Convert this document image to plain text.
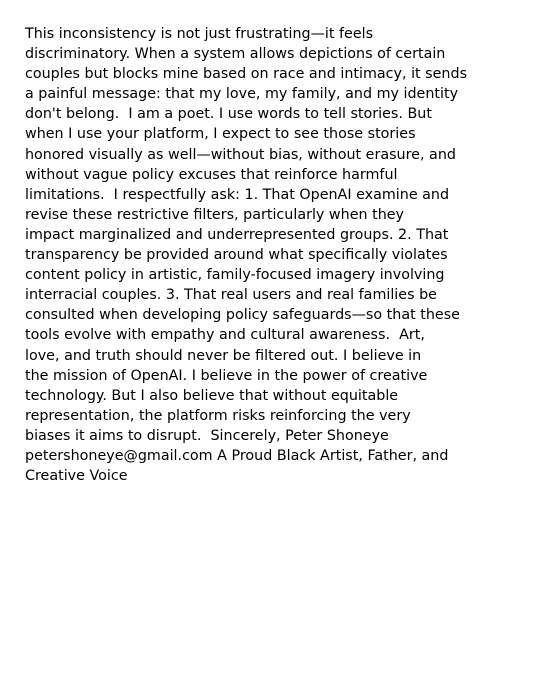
This inconsistency is not just frustrating—it feels
discriminatory. When a system allows depictions of certain
couples but blocks mine based on race and intimacy, it sends
a painful message: that my love, my family, and my identity
don't belong.  I am a poet. I use words to tell stories. But
when I use your platform, I expect to see those stories
honored visually as well—without bias, without erasure, and
without vague policy excuses that reinforce harmful
limitations.  I respectfully ask: 1. That OpenAI examine and
revise these restrictive filters, particularly when they
impact marginalized and underrepresented groups. 2. That
transparency be provided around what specifically violates
content policy in artistic, family-focused imagery involving
interracial couples. 3. That real users and real families be
consulted when developing policy safeguards—so that these
tools evolve with empathy and cultural awareness.  Art,
love, and truth should never be filtered out. I believe in
the mission of OpenAI. I believe in the power of creative
technology. But I also believe that without equitable
representation, the platform risks reinforcing the very
biases it aims to disrupt.  Sincerely, Peter Shoneye
petershoneye@gmail.com A Proud Black Artist, Father, and
Creative Voice
